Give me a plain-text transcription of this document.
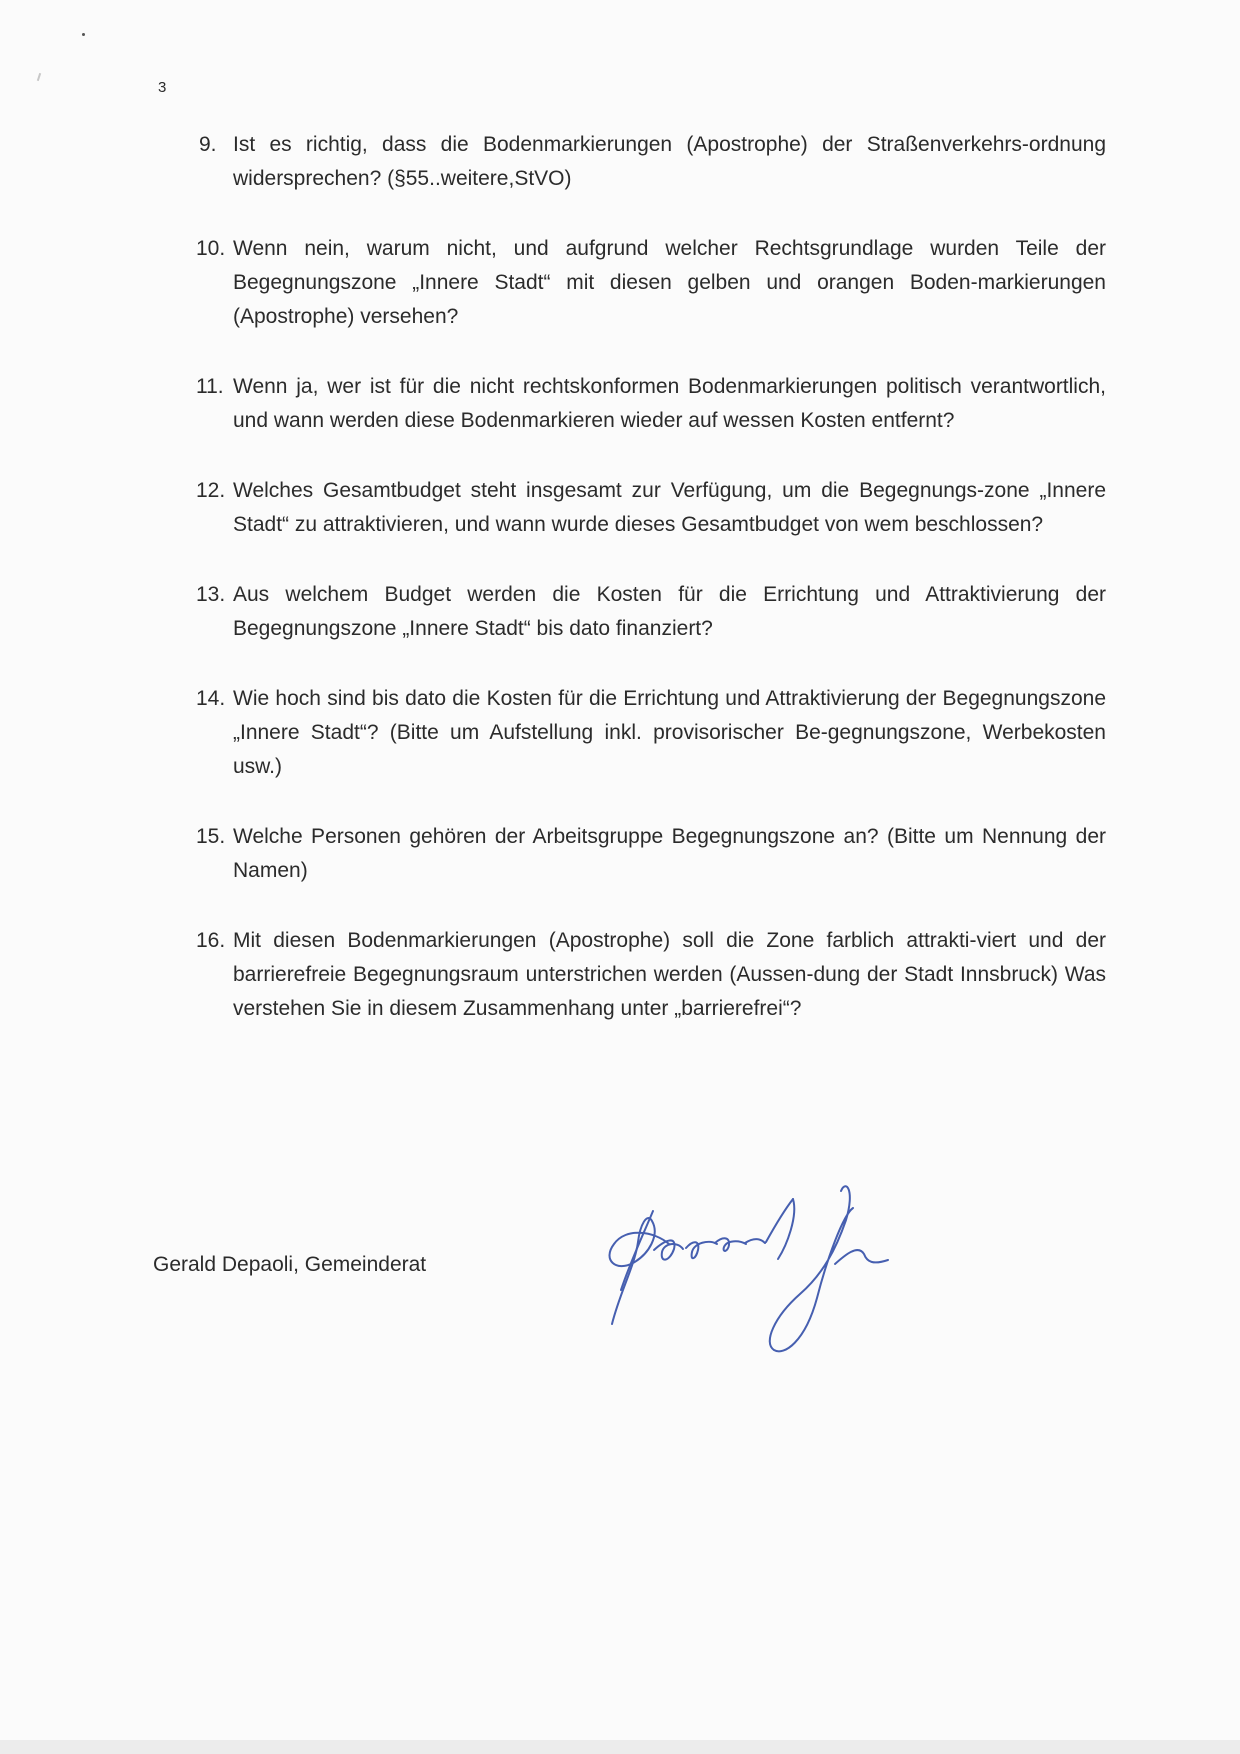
3
9. Ist es richtig, dass die Bodenmarkierungen (Apostrophe) der Straßenverkehrs-ordnung widersprechen? (§55..weitere,StVO)
10. Wenn nein, warum nicht, und aufgrund welcher Rechtsgrundlage wurden Teile der Begegnungszone „Innere Stadt“ mit diesen gelben und orangen Boden-markierungen (Apostrophe) versehen?
11. Wenn ja, wer ist für die nicht rechtskonformen Bodenmarkierungen politisch verantwortlich, und wann werden diese Bodenmarkieren wieder auf wessen Kosten entfernt?
12. Welches Gesamtbudget steht insgesamt zur Verfügung, um die Begegnungs-zone „Innere Stadt“ zu attraktivieren, und wann wurde dieses Gesamtbudget von wem beschlossen?
13. Aus welchem Budget werden die Kosten für die Errichtung und Attraktivierung der Begegnungszone „Innere Stadt“ bis dato finanziert?
14. Wie hoch sind bis dato die Kosten für die Errichtung und Attraktivierung der Begegnungszone „Innere Stadt“? (Bitte um Aufstellung inkl. provisorischer Be-gegnungszone, Werbekosten usw.)
15. Welche Personen gehören der Arbeitsgruppe Begegnungszone an? (Bitte um Nennung der Namen)
16. Mit diesen Bodenmarkierungen (Apostrophe) soll die Zone farblich attrakti-viert und der barrierefreie Begegnungsraum unterstrichen werden (Aussen-dung der Stadt Innsbruck) Was verstehen Sie in diesem Zusammenhang unter „barrierefrei“?
Gerald Depaoli, Gemeinderat
